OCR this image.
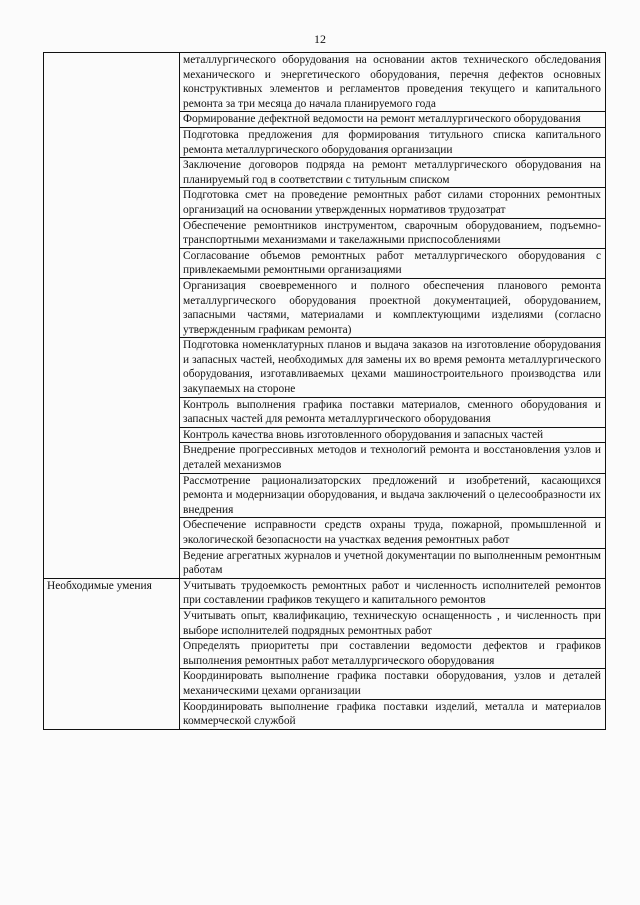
12
	металлургического оборудования на основании актов технического обследования механического и энергетического оборудования, перечня дефектов основных конструктивных элементов и регламентов проведения текущего и капитального ремонта за три месяца до начала планируемого года
	Формирование дефектной ведомости на ремонт металлургического оборудования
	Подготовка предложения для формирования титульного списка капитального ремонта металлургического оборудования организации
	Заключение договоров подряда на ремонт металлургического оборудования на планируемый год в соответствии с титульным списком
	Подготовка смет на проведение ремонтных работ силами сторонних ремонтных организаций на основании утвержденных нормативов трудозатрат
	Обеспечение ремонтников инструментом, сварочным оборудованием, подъемно-транспортными механизмами и такелажными приспособлениями
	Согласование объемов ремонтных работ металлургического оборудования с привлекаемыми ремонтными организациями
	Организация своевременного и полного обеспечения планового ремонта металлургического оборудования проектной документацией, оборудованием, запасными частями, материалами и комплектующими изделиями (согласно утвержденным графикам ремонта)
	Подготовка номенклатурных планов и выдача заказов на изготовление оборудования и запасных частей, необходимых для замены их во время ремонта металлургического оборудования, изготавливаемых цехами машиностроительного производства или закупаемых на стороне
	Контроль выполнения графика поставки материалов, сменного оборудования и запасных частей для ремонта металлургического оборудования
	Контроль качества вновь изготовленного оборудования и запасных частей
	Внедрение прогрессивных методов и технологий ремонта и восстановления узлов и деталей механизмов
	Рассмотрение рационализаторских предложений и изобретений, касающихся ремонта и модернизации оборудования, и выдача заключений о целесообразности их внедрения
	Обеспечение исправности средств охраны труда, пожарной, промышленной и экологической безопасности на участках ведения ремонтных работ
	Ведение агрегатных журналов и учетной документации по выполненным ремонтным работам
Необходимые умения	Учитывать трудоемкость ремонтных работ и численность исполнителей ремонтов при составлении графиков текущего и капитального ремонтов
	Учитывать опыт, квалификацию, техническую оснащенность , и численность при выборе исполнителей подрядных ремонтных работ
	Определять приоритеты при составлении ведомости дефектов и графиков выполнения ремонтных работ металлургического оборудования
	Координировать выполнение графика поставки оборудования, узлов и деталей механическими цехами организации
	Координировать выполнение графика поставки изделий, металла и материалов коммерческой службой
